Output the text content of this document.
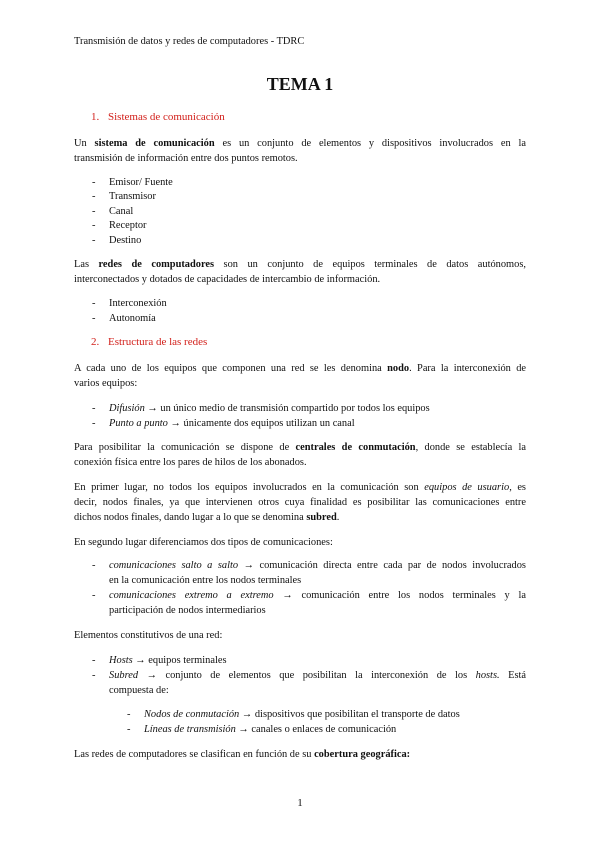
Transmisión de datos y redes de computadores - TDRC
TEMA 1
1. Sistemas de comunicación
Un sistema de comunicación es un conjunto de elementos y dispositivos involucrados en la
transmisión de información entre dos puntos remotos.
- Emisor/ Fuente
- Transmisor
- Canal
- Receptor
- Destino
Las redes de computadores son un conjunto de equipos terminales de datos autónomos,
interconectados y dotados de capacidades de intercambio de información.
- Interconexión
- Autonomía
2. Estructura de las redes
A cada uno de los equipos que componen una red se les denomina nodo. Para la interconexión de
varios equipos:
- Difusión → un único medio de transmisión compartido por todos los equipos
- Punto a punto → únicamente dos equipos utilizan un canal
Para posibilitar la comunicación se dispone de centrales de conmutación, donde se establecía la
conexión física entre los pares de hilos de los abonados.
En primer lugar, no todos los equipos involucrados en la comunicación son equipos de usuario, es
decir, nodos finales, ya que intervienen otros cuya finalidad es posibilitar las comunicaciones entre
dichos nodos finales, dando lugar a lo que se denomina subred.
En segundo lugar diferenciamos dos tipos de comunicaciones:
- comunicaciones salto a salto → comunicación directa entre cada par de nodos involucrados
en la comunicación entre los nodos terminales
- comunicaciones extremo a extremo → comunicación entre los nodos terminales y la
participación de nodos intermediarios
Elementos constitutivos de una red:
- Hosts → equipos terminales
- Subred → conjunto de elementos que posibilitan la interconexión de los hosts. Está
compuesta de:
- Nodos de conmutación → dispositivos que posibilitan el transporte de datos
- Líneas de transmisión → canales o enlaces de comunicación
Las redes de computadores se clasifican en función de su cobertura geográfica:
1
